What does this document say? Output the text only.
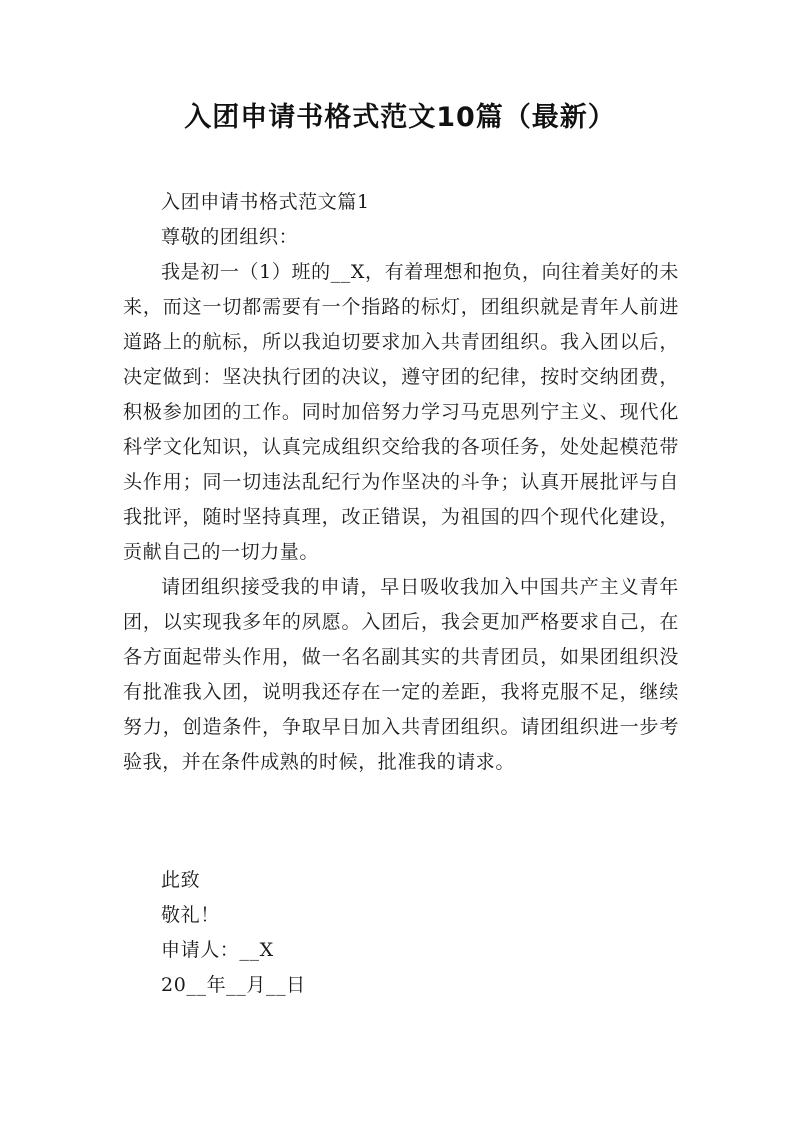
入团申请书格式范文10篇（最新）

入团申请书格式范文篇1

尊敬的团组织：

我是初一（1）班的__X，有着理想和抱负，向往着美好的未来，而这一切都需要有一个指路的标灯，团组织就是青年人前进道路上的航标，所以我迫切要求加入共青团组织。我入团以后，决定做到：坚决执行团的决议，遵守团的纪律，按时交纳团费，积极参加团的工作。同时加倍努力学习马克思列宁主义、现代化科学文化知识，认真完成组织交给我的各项任务，处处起模范带头作用；同一切违法乱纪行为作坚决的斗争；认真开展批评与自我批评，随时坚持真理，改正错误，为祖国的四个现代化建设，贡献自己的一切力量。

请团组织接受我的申请，早日吸收我加入中国共产主义青年团，以实现我多年的夙愿。入团后，我会更加严格要求自己，在各方面起带头作用，做一名名副其实的共青团员，如果团组织没有批准我入团，说明我还存在一定的差距，我将克服不足，继续努力，创造条件，争取早日加入共青团组织。请团组织进一步考验我，并在条件成熟的时候，批准我的请求。

此致

敬礼！

申请人：__X

20__年__月__日
